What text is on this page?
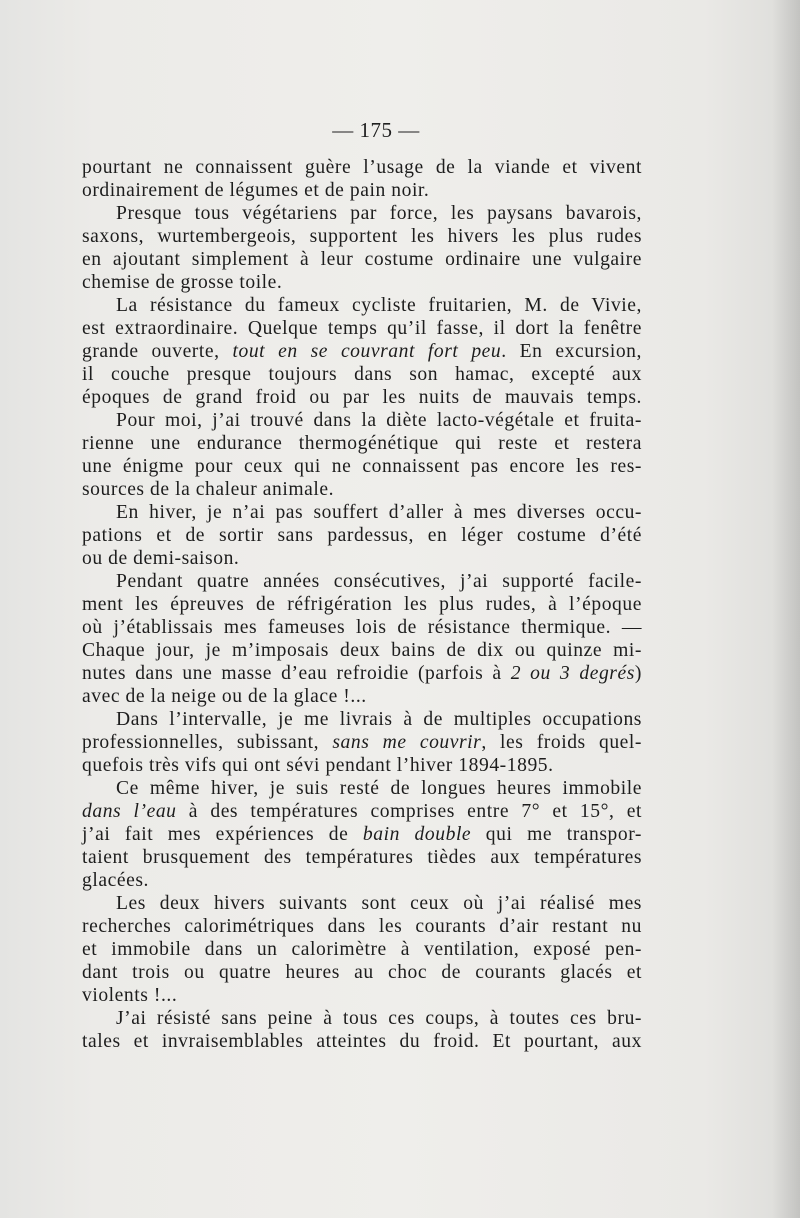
— 175 —
pourtant ne connaissent guère l’usage de la viande et vivent
ordinairement de légumes et de pain noir.
Presque tous végétariens par force, les paysans bavarois,
saxons, wurtembergeois, supportent les hivers les plus rudes
en ajoutant simplement à leur costume ordinaire une vulgaire
chemise de grosse toile.
La résistance du fameux cycliste fruitarien, M. de Vivie,
est extraordinaire. Quelque temps qu’il fasse, il dort la fenêtre
grande ouverte, tout en se couvrant fort peu. En excursion,
il couche presque toujours dans son hamac, excepté aux
époques de grand froid ou par les nuits de mauvais temps.
Pour moi, j’ai trouvé dans la diète lacto-végétale et fruita-
rienne une endurance thermogénétique qui reste et restera
une énigme pour ceux qui ne connaissent pas encore les res-
sources de la chaleur animale.
En hiver, je n’ai pas souffert d’aller à mes diverses occu-
pations et de sortir sans pardessus, en léger costume d’été
ou de demi-saison.
Pendant quatre années consécutives, j’ai supporté facile-
ment les épreuves de réfrigération les plus rudes, à l’époque
où j’établissais mes fameuses lois de résistance thermique. —
Chaque jour, je m’imposais deux bains de dix ou quinze mi-
nutes dans une masse d’eau refroidie (parfois à 2 ou 3 degrés)
avec de la neige ou de la glace !...
Dans l’intervalle, je me livrais à de multiples occupations
professionnelles, subissant, sans me couvrir, les froids quel-
quefois très vifs qui ont sévi pendant l’hiver 1894-1895.
Ce même hiver, je suis resté de longues heures immobile
dans l’eau à des températures comprises entre 7° et 15°, et
j’ai fait mes expériences de bain double qui me transpor-
taient brusquement des températures tièdes aux températures
glacées.
Les deux hivers suivants sont ceux où j’ai réalisé mes
recherches calorimétriques dans les courants d’air restant nu
et immobile dans un calorimètre à ventilation, exposé pen-
dant trois ou quatre heures au choc de courants glacés et
violents !...
J’ai résisté sans peine à tous ces coups, à toutes ces bru-
tales et invraisemblables atteintes du froid. Et pourtant, aux
